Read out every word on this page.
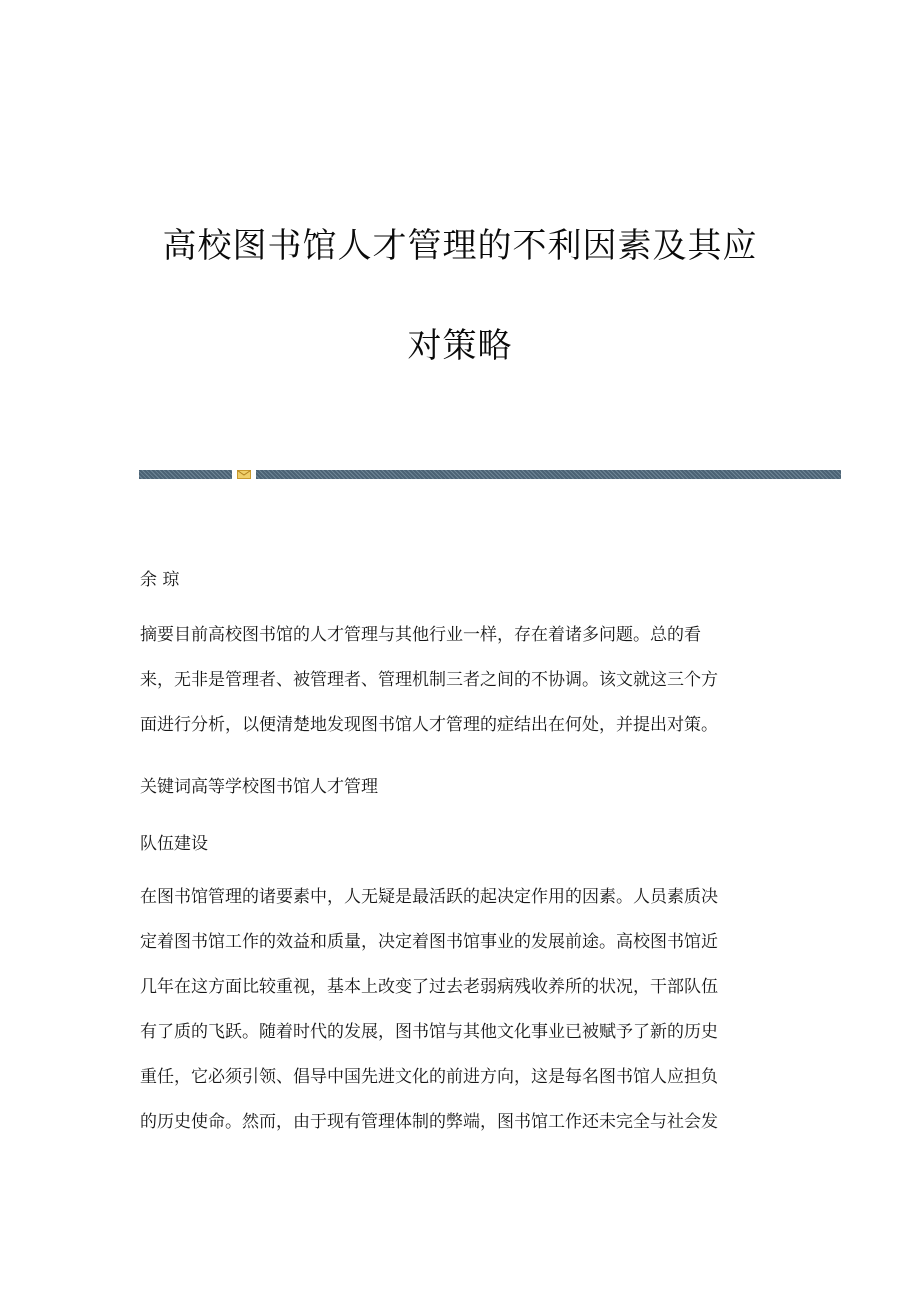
高校图书馆人才管理的不利因素及其应
对策略

余 琼

摘要目前高校图书馆的人才管理与其他行业一样，存在着诸多问题。总的看
来，无非是管理者、被管理者、管理机制三者之间的不协调。该文就这三个方
面进行分析，以便清楚地发现图书馆人才管理的症结出在何处，并提出对策。

关键词高等学校图书馆人才管理

队伍建设

在图书馆管理的诸要素中，人无疑是最活跃的起决定作用的因素。人员素质决
定着图书馆工作的效益和质量，决定着图书馆事业的发展前途。高校图书馆近
几年在这方面比较重视，基本上改变了过去老弱病残收养所的状况，干部队伍
有了质的飞跃。随着时代的发展，图书馆与其他文化事业已被赋予了新的历史
重任，它必须引领、倡导中国先进文化的前进方向，这是每名图书馆人应担负
的历史使命。然而，由于现有管理体制的弊端，图书馆工作还未完全与社会发
